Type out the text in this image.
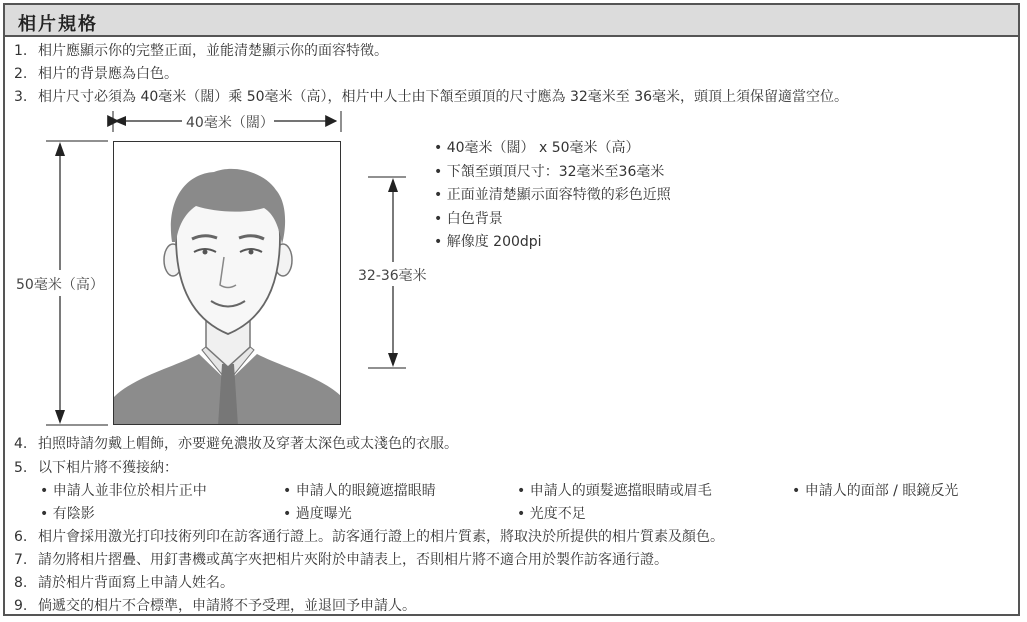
相片規格
1. 相片應顯示你的完整正面，並能清楚顯示你的面容特徵。
2. 相片的背景應為白色。
3. 相片尺寸必須為 40毫米（闊）乘 50毫米（高），相片中人士由下頷至頭頂的尺寸應為 32毫米至 36毫米，頭頂上須保留適當空位。
40毫米（闊）
50毫米（高）
32-36毫米
• 40毫米（闊） x 50毫米（高）
• 下頷至頭頂尺寸：32毫米至36毫米
• 正面並清楚顯示面容特徵的彩色近照
• 白色背景
• 解像度 200dpi
4. 拍照時請勿戴上帽飾，亦要避免濃妝及穿著太深色或太淺色的衣服。
5. 以下相片將不獲接納：
• 申請人並非位於相片正中	• 申請人的眼鏡遮擋眼睛	• 申請人的頭髮遮擋眼睛或眉毛	• 申請人的面部 / 眼鏡反光
• 有陰影	• 過度曝光	• 光度不足
6. 相片會採用激光打印技術列印在訪客通行證上。訪客通行證上的相片質素，將取決於所提供的相片質素及顏色。
7. 請勿將相片摺疊、用釘書機或萬字夾把相片夾附於申請表上，否則相片將不適合用於製作訪客通行證。
8. 請於相片背面寫上申請人姓名。
9. 倘遞交的相片不合標準，申請將不予受理，並退回予申請人。
